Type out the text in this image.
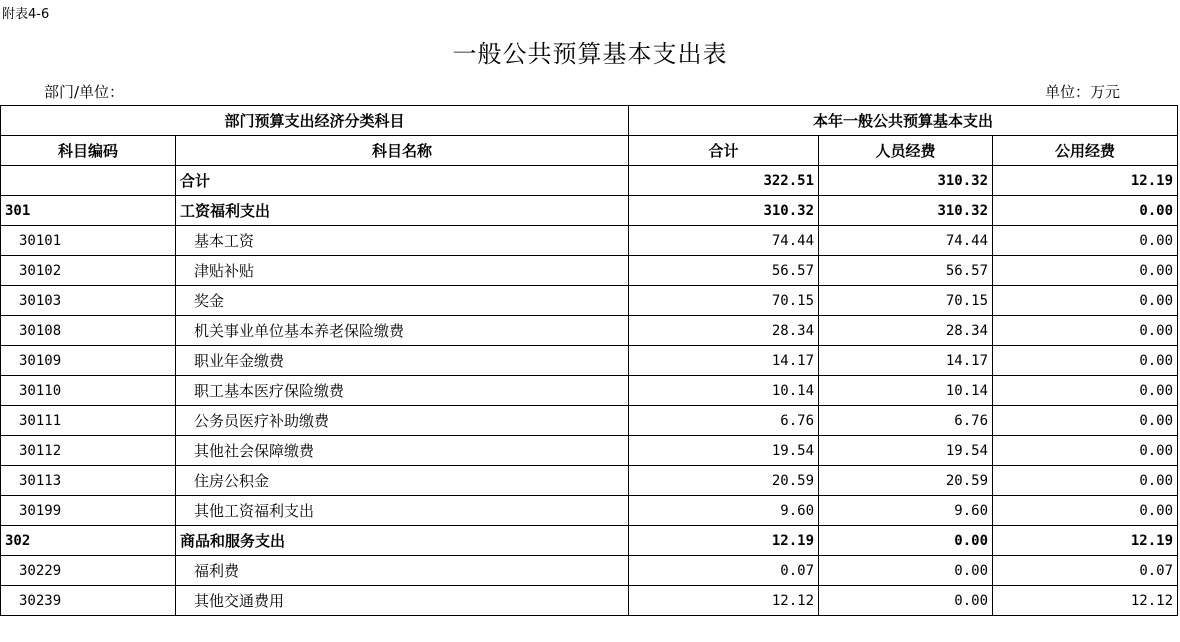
附表4-6
一般公共预算基本支出表
部门/单位：	单位：万元
部门预算支出经济分类科目		本年一般公共预算基本支出		
科目编码	科目名称	合计	人员经费	公用经费
	合计	322.51	310.32	12.19
301	工资福利支出	310.32	310.32	0.00
30101	基本工资	74.44	74.44	0.00
30102	津贴补贴	56.57	56.57	0.00
30103	奖金	70.15	70.15	0.00
30108	机关事业单位基本养老保险缴费	28.34	28.34	0.00
30109	职业年金缴费	14.17	14.17	0.00
30110	职工基本医疗保险缴费	10.14	10.14	0.00
30111	公务员医疗补助缴费	6.76	6.76	0.00
30112	其他社会保障缴费	19.54	19.54	0.00
30113	住房公积金	20.59	20.59	0.00
30199	其他工资福利支出	9.60	9.60	0.00
302	商品和服务支出	12.19	0.00	12.19
30229	福利费	0.07	0.00	0.07
30239	其他交通费用	12.12	0.00	12.12
